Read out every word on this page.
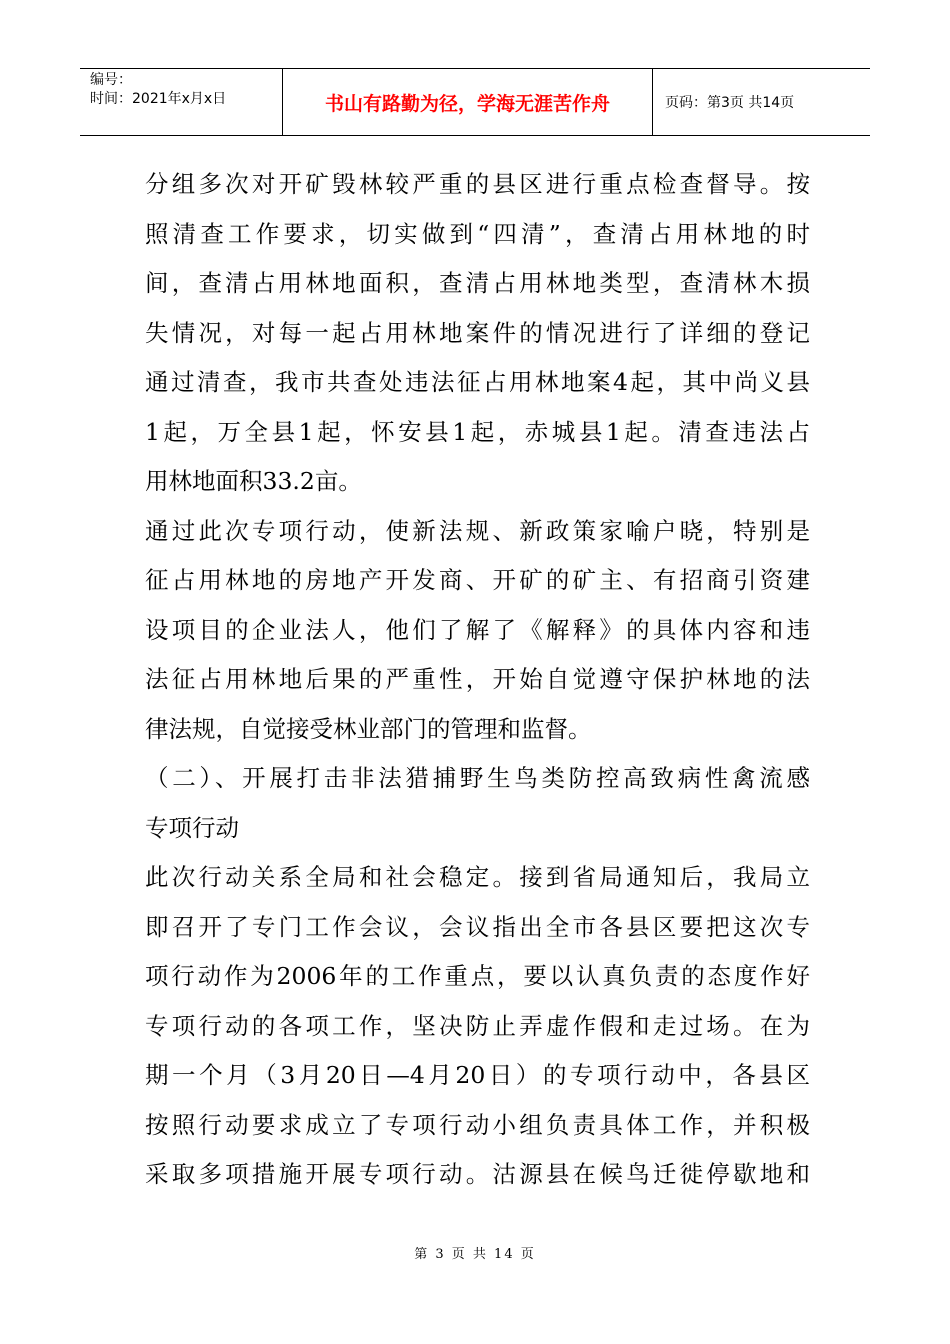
编号：
时间：2021年x月x日	书山有路勤为径，学海无涯苦作舟	页码：第3页 共14页
分组多次对开矿毁林较严重的县区进行重点检查督导。按
照清查工作要求，切实做到“四清”，查清占用林地的时
间，查清占用林地面积，查清占用林地类型，查清林木损
失情况，对每一起占用林地案件的情况进行了详细的登记
通过清查，我市共查处违法征占用林地案4起，其中尚义县
1起，万全县1起，怀安县1起，赤城县1起。清查违法占
用林地面积33.2亩。
通过此次专项行动，使新法规、新政策家喻户晓，特别是
征占用林地的房地产开发商、开矿的矿主、有招商引资建
设项目的企业法人，他们了解了《解释》的具体内容和违
法征占用林地后果的严重性，开始自觉遵守保护林地的法
律法规，自觉接受林业部门的管理和监督。
（二）、开展打击非法猎捕野生鸟类防控高致病性禽流感
专项行动
此次行动关系全局和社会稳定。接到省局通知后，我局立
即召开了专门工作会议，会议指出全市各县区要把这次专
项行动作为2006年的工作重点，要以认真负责的态度作好
专项行动的各项工作，坚决防止弄虚作假和走过场。在为
期一个月（3月20日—4月20日）的专项行动中，各县区
按照行动要求成立了专项行动小组负责具体工作，并积极
采取多项措施开展专项行动。沽源县在候鸟迁徙停歇地和
第 3 页 共 14 页
